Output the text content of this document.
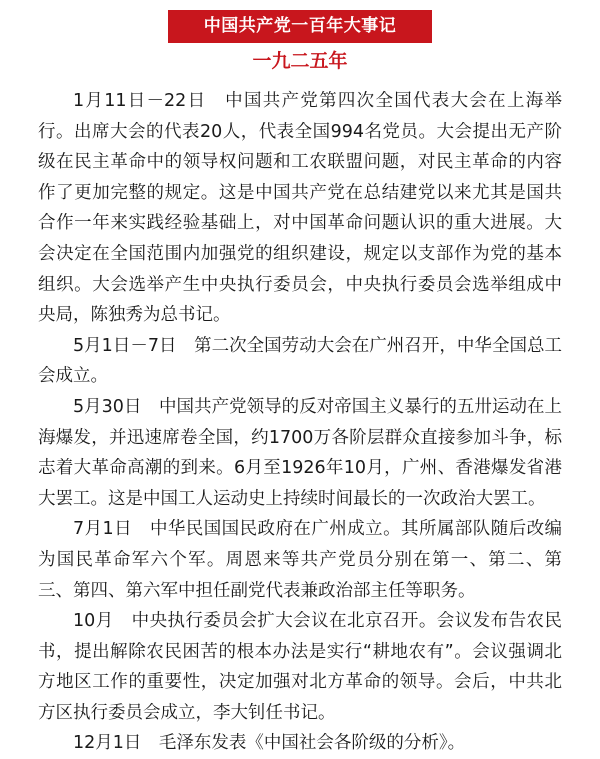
中国共产党一百年大事记
一九二五年

1月11日－22日 中国共产党第四次全国代表大会在上海举行。出席大会的代表20人，代表全国994名党员。大会提出无产阶级在民主革命中的领导权问题和工农联盟问题，对民主革命的内容作了更加完整的规定。这是中国共产党在总结建党以来尤其是国共合作一年来实践经验基础上，对中国革命问题认识的重大进展。大会决定在全国范围内加强党的组织建设，规定以支部作为党的基本组织。大会选举产生中央执行委员会，中央执行委员会选举组成中央局，陈独秀为总书记。

5月1日－7日 第二次全国劳动大会在广州召开，中华全国总工会成立。

5月30日 中国共产党领导的反对帝国主义暴行的五卅运动在上海爆发，并迅速席卷全国，约1700万各阶层群众直接参加斗争，标志着大革命高潮的到来。6月至1926年10月，广州、香港爆发省港大罢工。这是中国工人运动史上持续时间最长的一次政治大罢工。

7月1日 中华民国国民政府在广州成立。其所属部队随后改编为国民革命军六个军。周恩来等共产党员分别在第一、第二、第三、第四、第六军中担任副党代表兼政治部主任等职务。

10月 中央执行委员会扩大会议在北京召开。会议发布告农民书，提出解除农民困苦的根本办法是实行“耕地农有”。会议强调北方地区工作的重要性，决定加强对北方革命的领导。会后，中共北方区执行委员会成立，李大钊任书记。

12月1日 毛泽东发表《中国社会各阶级的分析》。
